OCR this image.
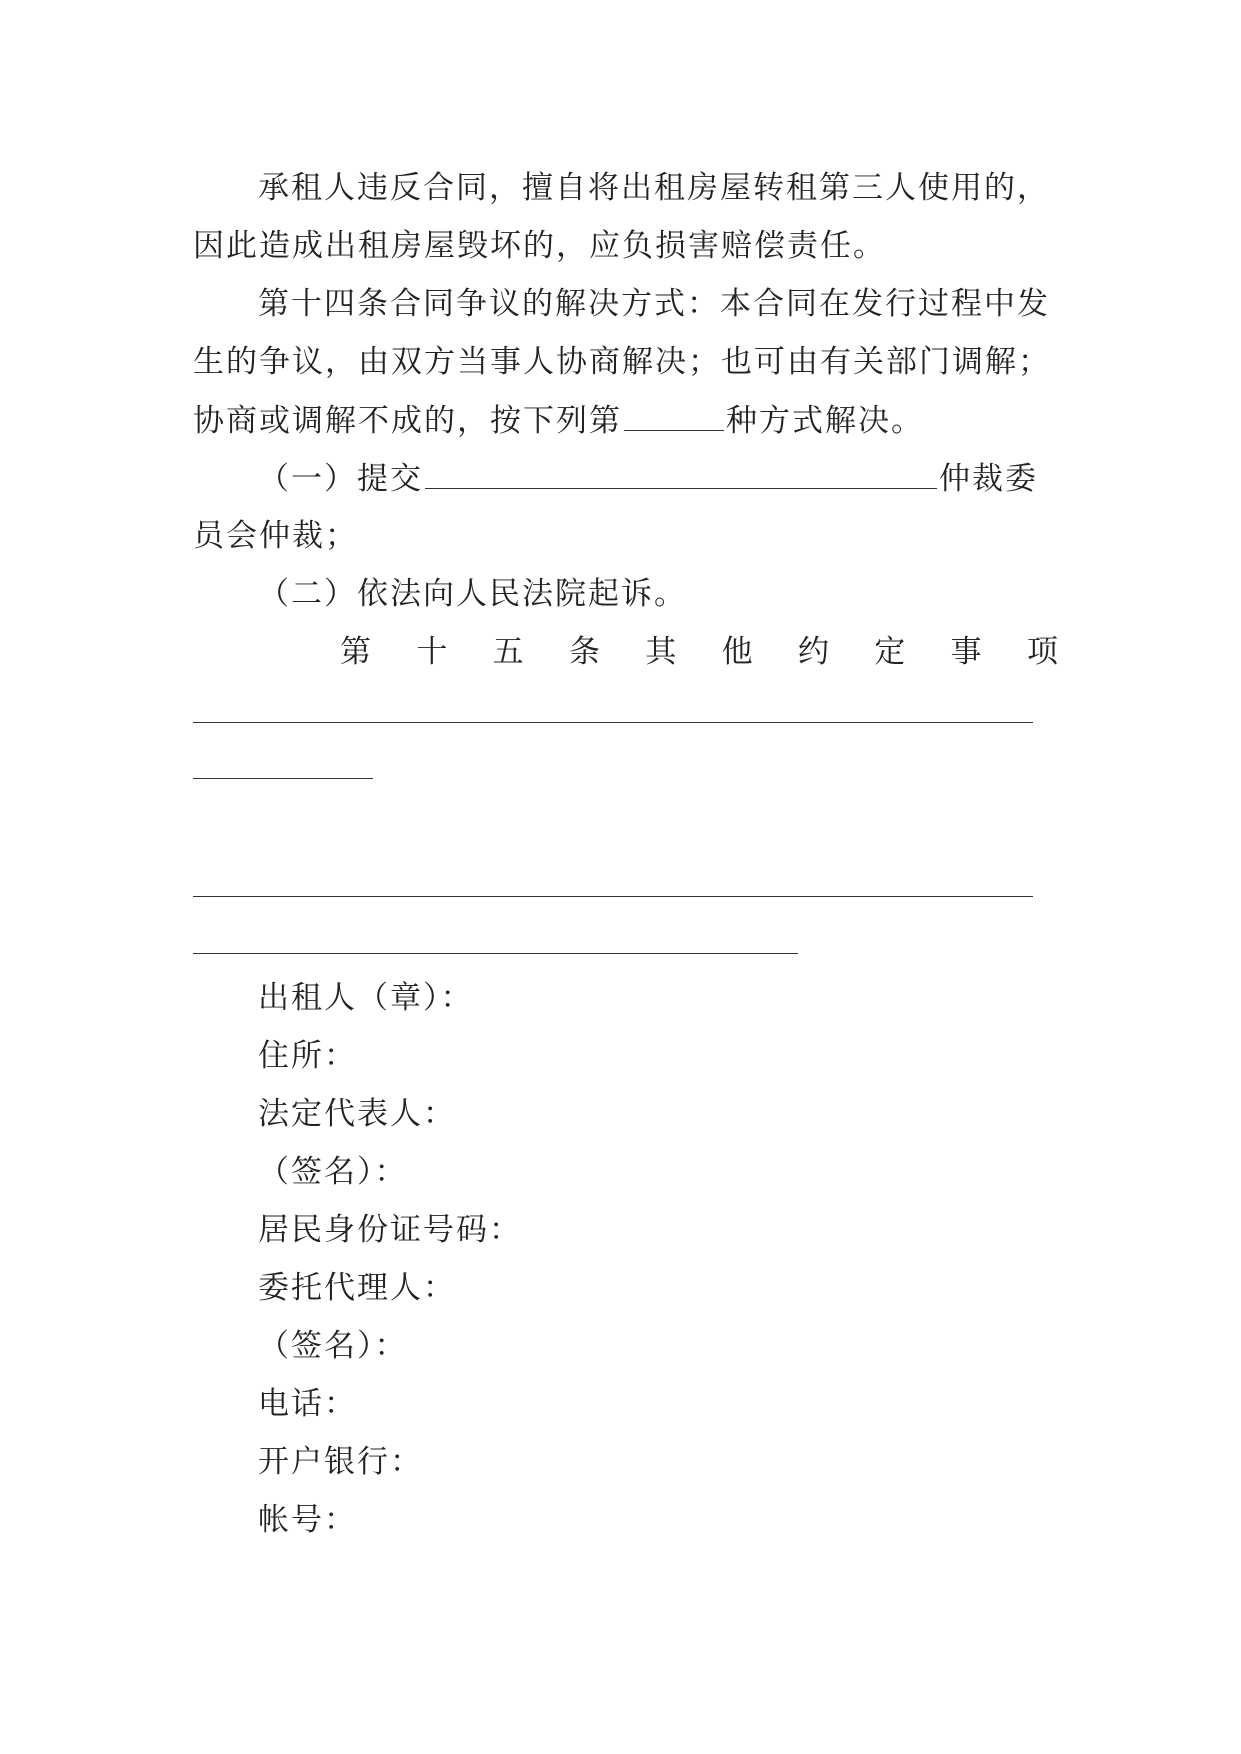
承租人违反合同，擅自将出租房屋转租第三人使用的，
因此造成出租房屋毁坏的，应负损害赔偿责任。
第十四条合同争议的解决方式：本合同在发行过程中发
生的争议，由双方当事人协商解决；也可由有关部门调解；
协商或调解不成的，按下列第	种方式解决。
（一）提交	仲裁委
员会仲裁；
（二）依法向人民法院起诉。
第 十 五 条 其 他 约 定 事 项
出租人（章）：
住所：
法定代表人：
（签名）：
居民身份证号码：
委托代理人：
（签名）：
电话：
开户银行：
帐号：
